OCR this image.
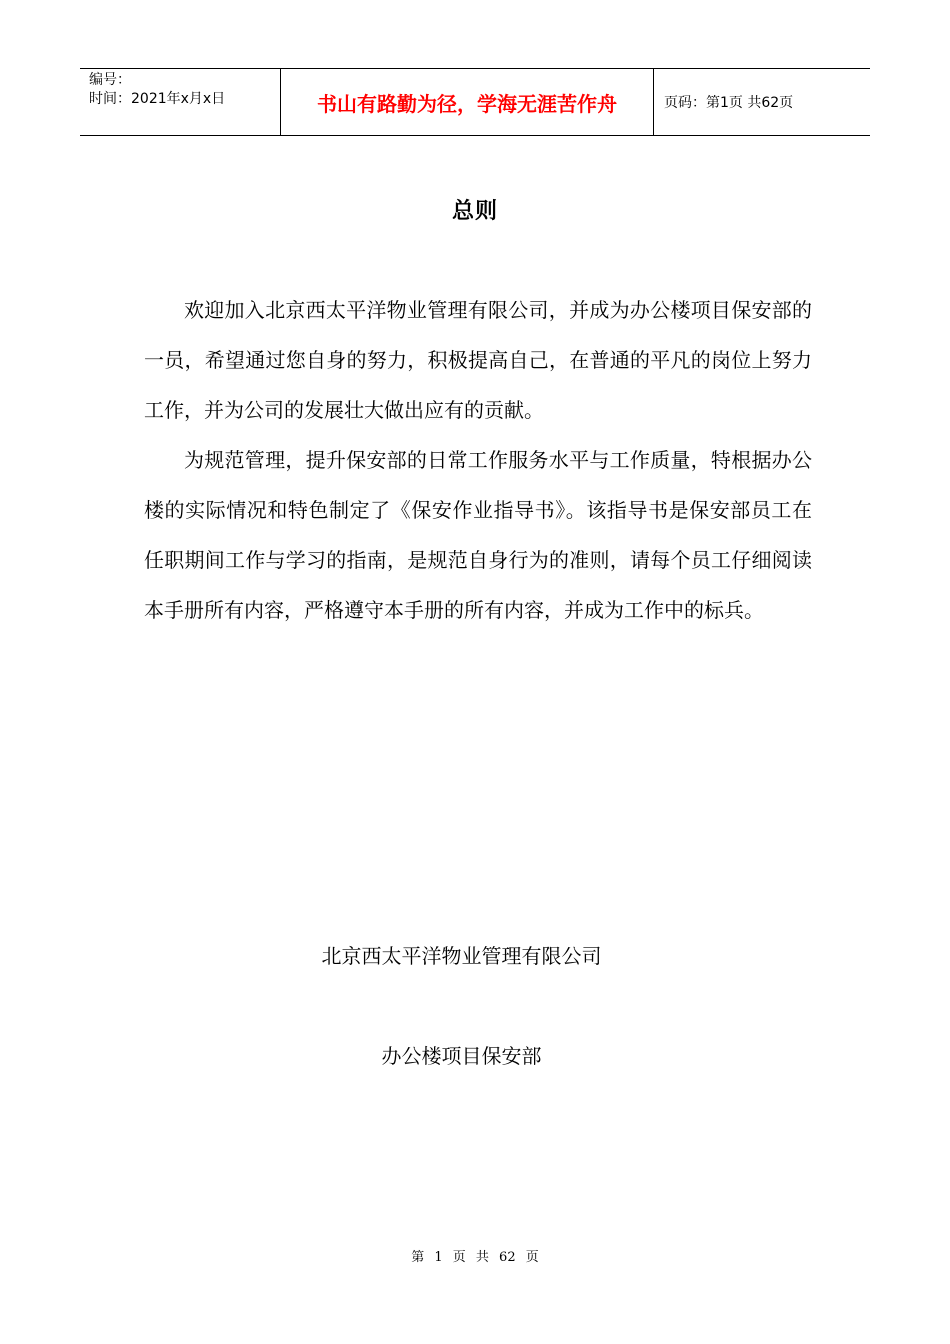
编号：
时间：2021年x月x日	书山有路勤为径，学海无涯苦作舟	页码：第1页 共62页
总则

欢迎加入北京西太平洋物业管理有限公司，并成为办公楼项目保安部的一员，希望通过您自身的努力，积极提高自己，在普通的平凡的岗位上努力工作，并为公司的发展壮大做出应有的贡献。

为规范管理，提升保安部的日常工作服务水平与工作质量，特根据办公楼的实际情况和特色制定了《保安作业指导书》。该指导书是保安部员工在任职期间工作与学习的指南，是规范自身行为的准则，请每个员工仔细阅读本手册所有内容，严格遵守本手册的所有内容，并成为工作中的标兵。

北京西太平洋物业管理有限公司
办公楼项目保安部
第 1 页 共 62 页
